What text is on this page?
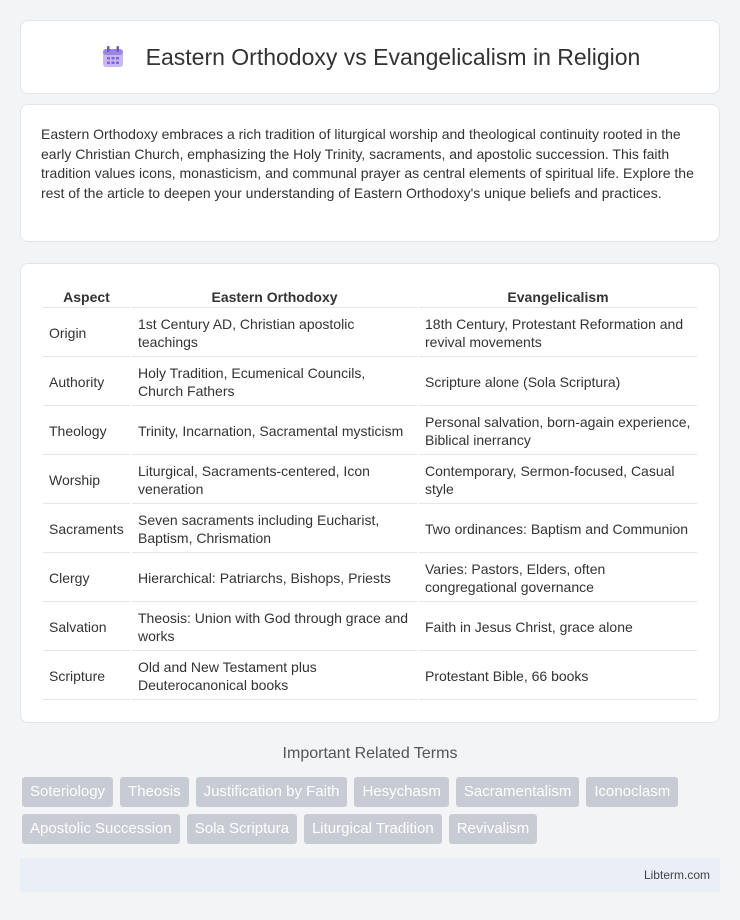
Eastern Orthodoxy vs Evangelicalism in Religion

Eastern Orthodoxy embraces a rich tradition of liturgical worship and theological continuity rooted in the early Christian Church, emphasizing the Holy Trinity, sacraments, and apostolic succession. This faith tradition values icons, monasticism, and communal prayer as central elements of spiritual life. Explore the rest of the article to deepen your understanding of Eastern Orthodoxy's unique beliefs and practices.

Aspect	Eastern Orthodoxy	Evangelicalism
Origin	1st Century AD, Christian apostolic teachings	18th Century, Protestant Reformation and revival movements
Authority	Holy Tradition, Ecumenical Councils, Church Fathers	Scripture alone (Sola Scriptura)
Theology	Trinity, Incarnation, Sacramental mysticism	Personal salvation, born-again experience, Biblical inerrancy
Worship	Liturgical, Sacraments-centered, Icon veneration	Contemporary, Sermon-focused, Casual style
Sacraments	Seven sacraments including Eucharist, Baptism, Chrismation	Two ordinances: Baptism and Communion
Clergy	Hierarchical: Patriarchs, Bishops, Priests	Varies: Pastors, Elders, often congregational governance
Salvation	Theosis: Union with God through grace and works	Faith in Jesus Christ, grace alone
Scripture	Old and New Testament plus Deuterocanonical books	Protestant Bible, 66 books
Important Related Terms
Soteriology	Theosis	Justification by Faith	Hesychasm	Sacramentalism	Iconoclasm
Apostolic Succession	Sola Scriptura	Liturgical Tradition	Revivalism
Libterm.com
